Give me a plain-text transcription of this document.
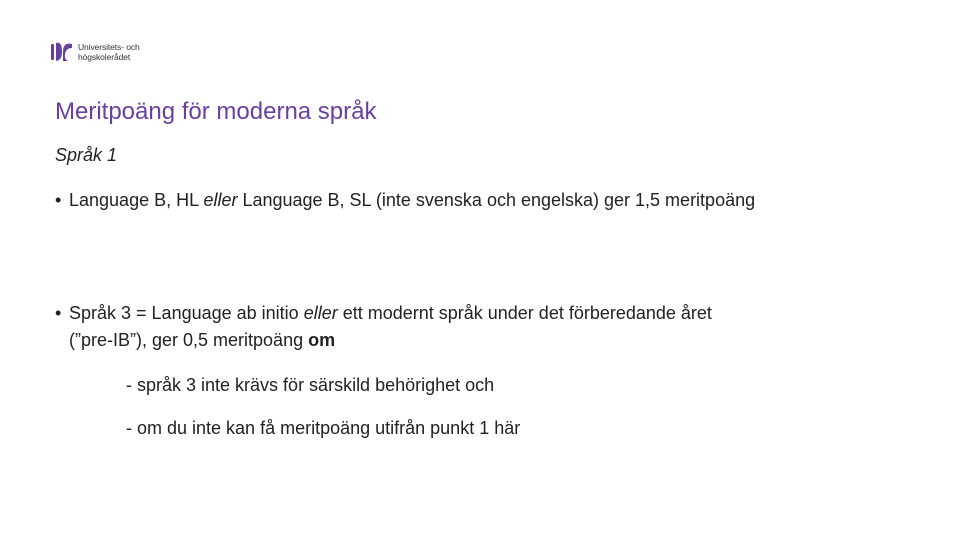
Universitets- och
högskolerådet
Meritpoäng för moderna språk
Språk 1
• Language B, HL eller Language B, SL (inte svenska och engelska) ger 1,5 meritpoäng
• Språk 3 = Language ab initio eller ett modernt språk under det förberedande året (”pre-IB”), ger 0,5 meritpoäng om
- språk 3 inte krävs för särskild behörighet och
- om du inte kan få meritpoäng utifrån punkt 1 här
